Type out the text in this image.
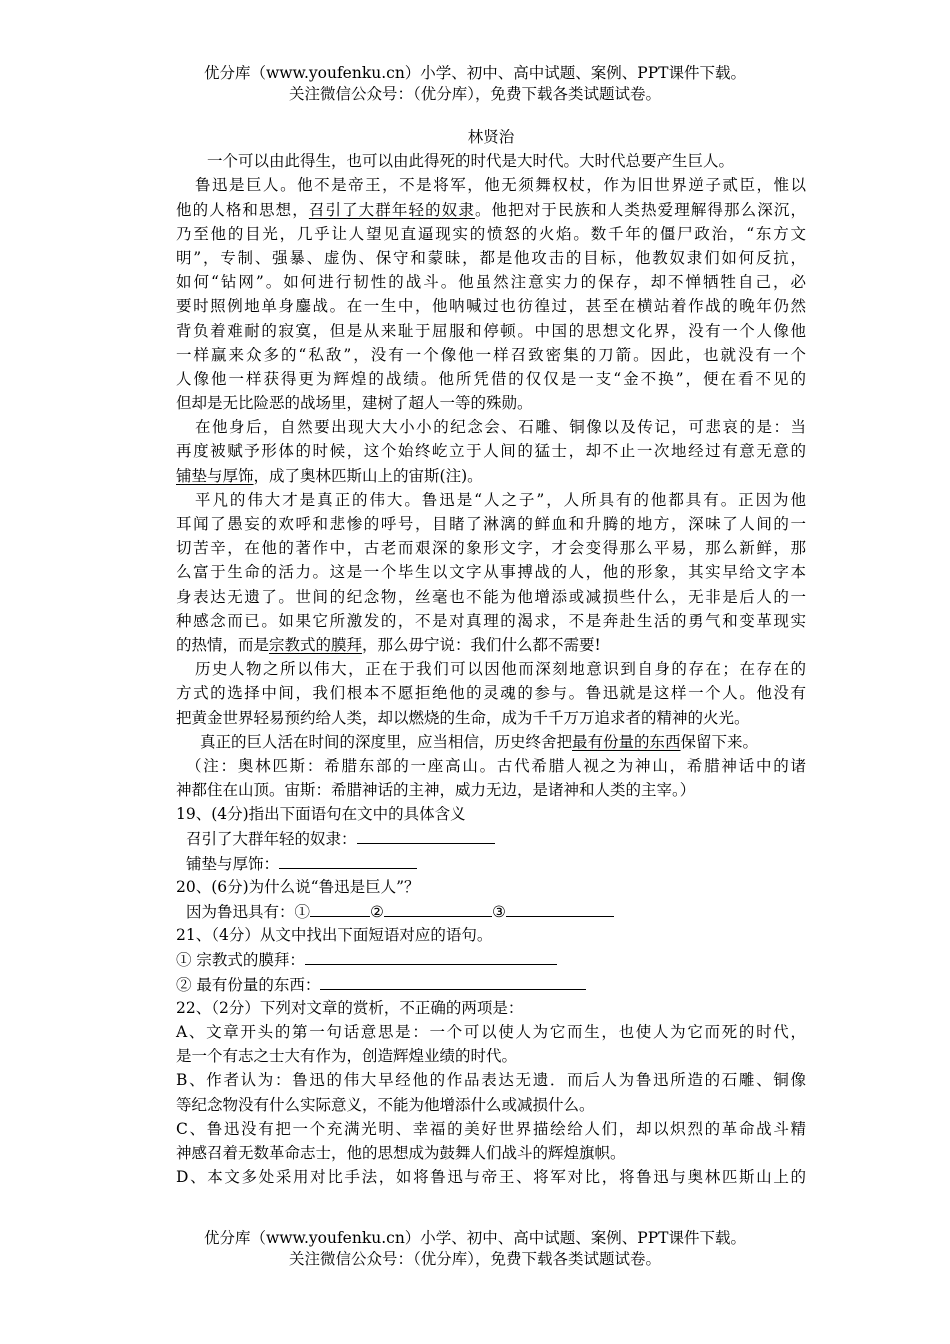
优分库（www.youfenku.cn）小学、初中、高中试题、案例、PPT课件下载。
关注微信公众号：（优分库），免费下载各类试题试卷。
林贤治
一个可以由此得生，也可以由此得死的时代是大时代。大时代总要产生巨人。
鲁迅是巨人。他不是帝王，不是将军，他无须舞权杖，作为旧世界逆子贰臣，惟以
他的人格和思想，召引了大群年轻的奴隶。他把对于民族和人类热爱理解得那么深沉，
乃至他的目光，几乎让人望见直逼现实的愤怒的火焰。数千年的僵尸政治，“东方文
明”，专制、强暴、虚伪、保守和蒙昧，都是他攻击的目标，他教奴隶们如何反抗，
如何“钻网”。如何进行韧性的战斗。他虽然注意实力的保存，却不惮牺牲自己，必
要时照例地单身鏖战。在一生中，他呐喊过也彷徨过，甚至在横站着作战的晚年仍然
背负着难耐的寂寞，但是从来耻于屈服和停顿。中国的思想文化界，没有一个人像他
一样赢来众多的“私敌”，没有一个像他一样召致密集的刀箭。因此，也就没有一个
人像他一样获得更为辉煌的战绩。他所凭借的仅仅是一支“金不换”，便在看不见的
但却是无比险恶的战场里，建树了超人一等的殊勋。
在他身后，自然要出现大大小小的纪念会、石雕、铜像以及传记，可悲哀的是：当
再度被赋予形体的时候，这个始终屹立于人间的猛士，却不止一次地经过有意无意的
铺垫与厚饰，成了奥林匹斯山上的宙斯(注)。
平凡的伟大才是真正的伟大。鲁迅是“人之子”，人所具有的他都具有。正因为他
耳闻了愚妄的欢呼和悲惨的呼号，目睹了淋漓的鲜血和升腾的地方，深味了人间的一
切苦辛，在他的著作中，古老而艰深的象形文字，才会变得那么平易，那么新鲜，那
么富于生命的活力。这是一个毕生以文字从事搏战的人，他的形象，其实早给文字本
身表达无遗了。世间的纪念物，丝毫也不能为他增添或减损些什么，无非是后人的一
种感念而已。如果它所激发的，不是对真理的渴求，不是奔赴生活的勇气和变革现实
的热情，而是宗教式的膜拜，那么毋宁说：我们什么都不需要!
历史人物之所以伟大，正在于我们可以因他而深刻地意识到自身的存在；在存在的
方式的选择中间，我们根本不愿拒绝他的灵魂的参与。鲁迅就是这样一个人。他没有
把黄金世界轻易预约给人类，却以燃烧的生命，成为千千万万追求者的精神的火光。
真正的巨人活在时间的深度里，应当相信，历史终舍把最有份量的东西保留下来。
（注：奥林匹斯：希腊东部的一座高山。古代希腊人视之为神山，希腊神话中的诸
神都住在山顶。宙斯：希腊神话的主神，威力无边，是诸神和人类的主宰。）
19、(4分)指出下面语句在文中的具体含义
召引了大群年轻的奴隶：
铺垫与厚饰：
20、(6分)为什么说“鲁迅是巨人”？
因为鲁迅具有：①	②	③
21、（4分）从文中找出下面短语对应的语句。
① 宗教式的膜拜：
② 最有份量的东西：
22、（2分）下列对文章的赏析，不正确的两项是：
A、文章开头的第一句话意思是：一个可以使人为它而生，也使人为它而死的时代，
是一个有志之士大有作为，创造辉煌业绩的时代。
B、作者认为：鲁迅的伟大早经他的作品表达无遗．而后人为鲁迅所造的石雕、铜像
等纪念物没有什么实际意义，不能为他增添什么或减损什么。
C、鲁迅没有把一个充满光明、幸福的美好世界描绘给人们，却以炽烈的革命战斗精
神感召着无数革命志士，他的思想成为鼓舞人们战斗的辉煌旗帜。
D、本文多处采用对比手法，如将鲁迅与帝王、将军对比，将鲁迅与奥林匹斯山上的
优分库（www.youfenku.cn）小学、初中、高中试题、案例、PPT课件下载。
关注微信公众号：（优分库），免费下载各类试题试卷。
